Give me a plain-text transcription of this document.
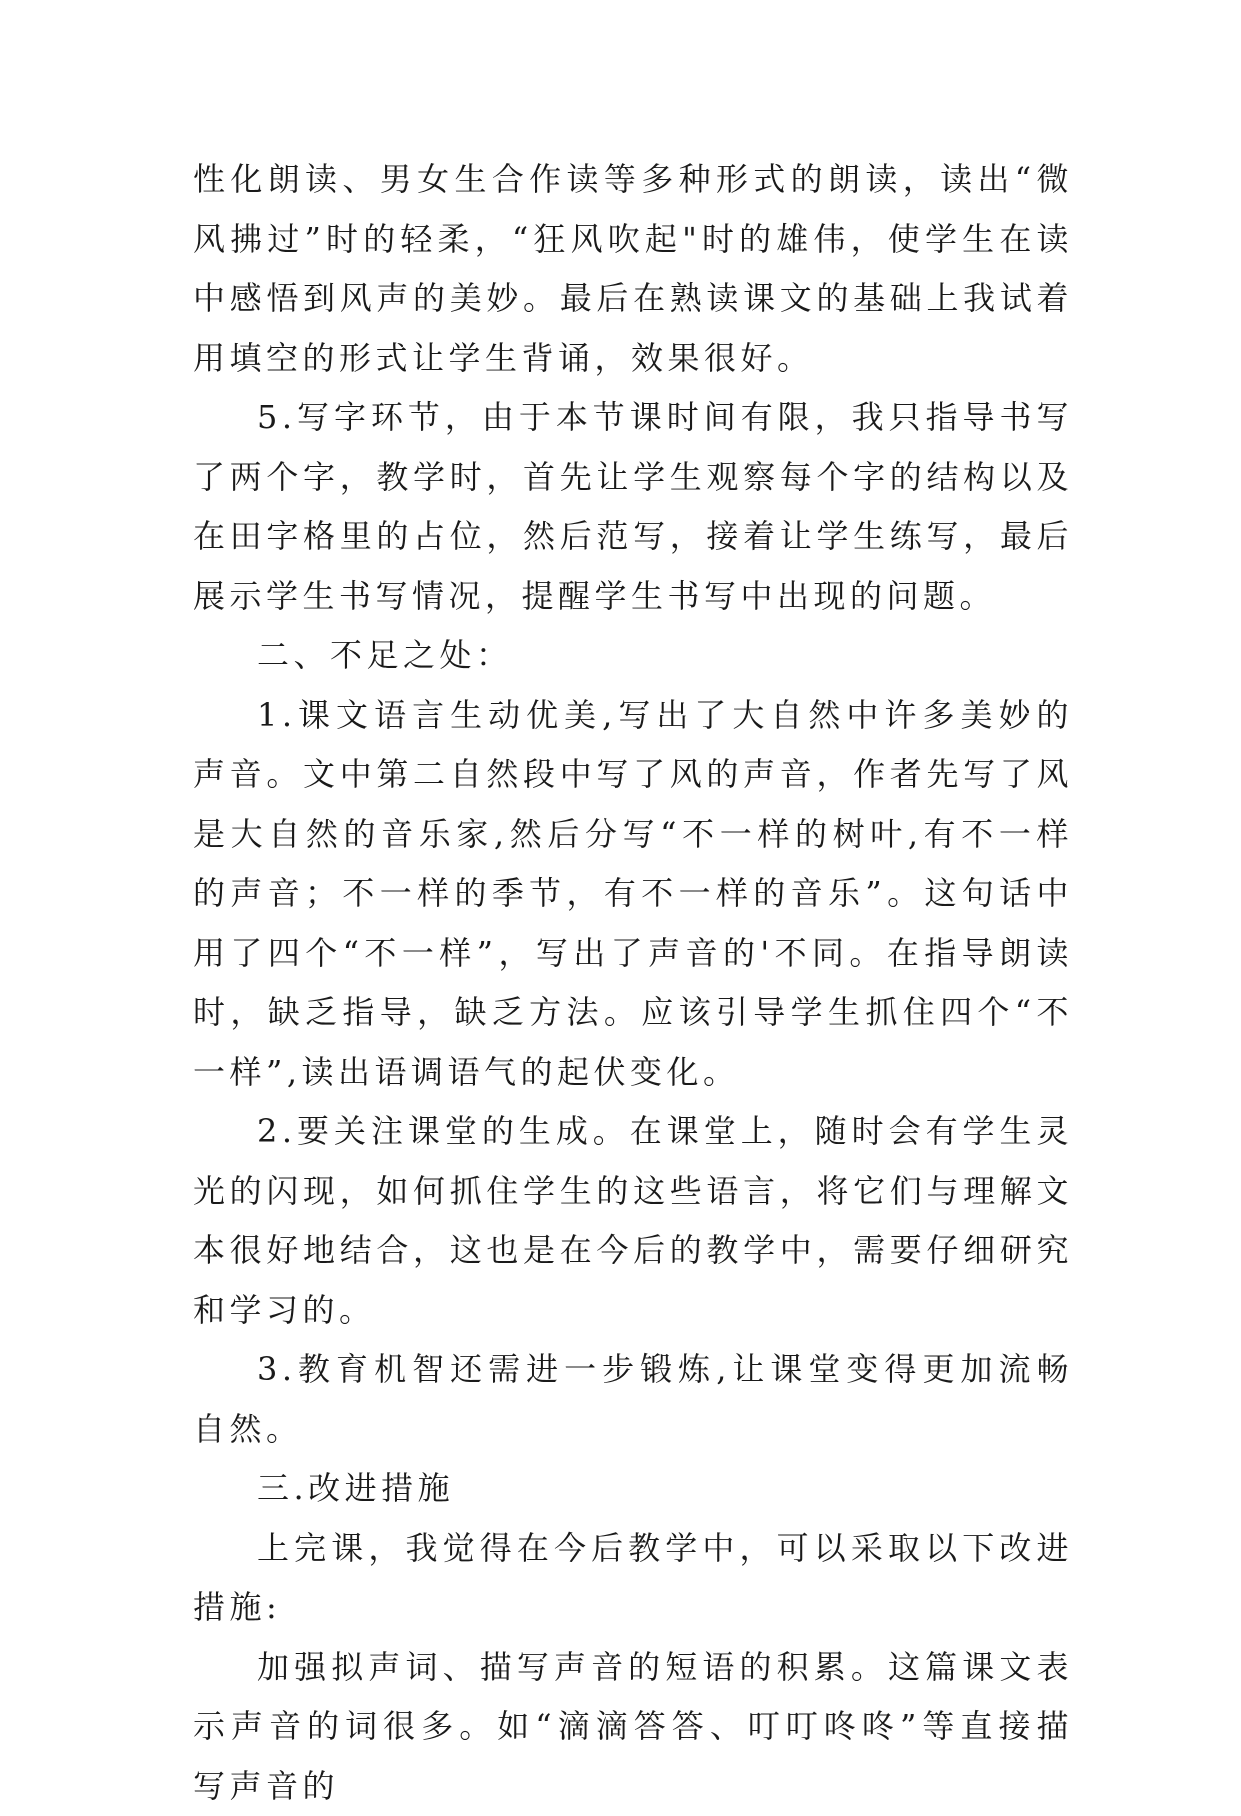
性化朗读、男女生合作读等多种形式的朗读，读出“微风拂过”时的轻柔，“狂风吹起"时的雄伟，使学生在读中感悟到风声的美妙。最后在熟读课文的基础上我试着用填空的形式让学生背诵，效果很好。

5.写字环节，由于本节课时间有限，我只指导书写了两个字，教学时，首先让学生观察每个字的结构以及在田字格里的占位，然后范写，接着让学生练写，最后展示学生书写情况，提醒学生书写中出现的问题。

二、不足之处：

1.课文语言生动优美,写出了大自然中许多美妙的声音。文中第二自然段中写了风的声音，作者先写了风是大自然的音乐家,然后分写“不一样的树叶,有不一样的声音；不一样的季节，有不一样的音乐”。这句话中用了四个“不一样”，写出了声音的'不同。在指导朗读时，缺乏指导，缺乏方法。应该引导学生抓住四个“不一样”,读出语调语气的起伏变化。

2.要关注课堂的生成。在课堂上，随时会有学生灵光的闪现，如何抓住学生的这些语言，将它们与理解文本很好地结合，这也是在今后的教学中，需要仔细研究和学习的。

3.教育机智还需进一步锻炼,让课堂变得更加流畅自然。

三.改进措施

上完课，我觉得在今后教学中，可以采取以下改进措施:

加强拟声词、描写声音的短语的积累。这篇课文表示声音的词很多。如“滴滴答答、叮叮咚咚”等直接描写声音的
